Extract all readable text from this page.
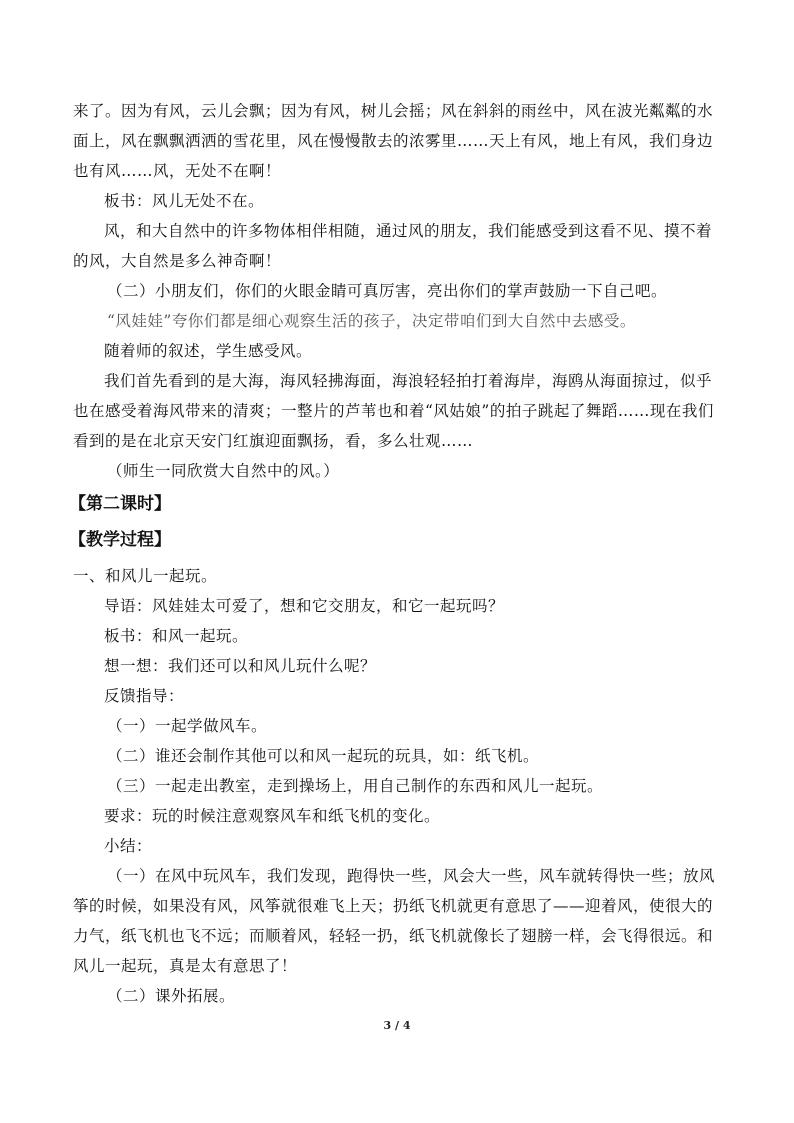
来了。因为有风，云儿会飘；因为有风，树儿会摇；风在斜斜的雨丝中，风在波光粼粼的水面上，风在飘飘洒洒的雪花里，风在慢慢散去的浓雾里……天上有风，地上有风，我们身边也有风……风，无处不在啊！

板书：风儿无处不在。

风，和大自然中的许多物体相伴相随，通过风的朋友，我们能感受到这看不见、摸不着的风，大自然是多么神奇啊！

（二）小朋友们，你们的火眼金睛可真厉害，亮出你们的掌声鼓励一下自己吧。

“风娃娃”夸你们都是细心观察生活的孩子，决定带咱们到大自然中去感受。

随着师的叙述，学生感受风。

我们首先看到的是大海，海风轻拂海面，海浪轻轻拍打着海岸，海鸥从海面掠过，似乎也在感受着海风带来的清爽；一整片的芦苇也和着“风姑娘”的拍子跳起了舞蹈……现在我们看到的是在北京天安门红旗迎面飘扬，看，多么壮观……

（师生一同欣赏大自然中的风。）

【第二课时】
【教学过程】

一、和风儿一起玩。

导语：风娃娃太可爱了，想和它交朋友，和它一起玩吗？

板书：和风一起玩。

想一想：我们还可以和风儿玩什么呢？

反馈指导：

（一）一起学做风车。

（二）谁还会制作其他可以和风一起玩的玩具，如：纸飞机。

（三）一起走出教室，走到操场上，用自己制作的东西和风儿一起玩。

要求：玩的时候注意观察风车和纸飞机的变化。

小结：

（一）在风中玩风车，我们发现，跑得快一些，风会大一些，风车就转得快一些；放风筝的时候，如果没有风，风筝就很难飞上天；扔纸飞机就更有意思了——迎着风，使很大的力气，纸飞机也飞不远；而顺着风，轻轻一扔，纸飞机就像长了翅膀一样，会飞得很远。和风儿一起玩，真是太有意思了！

（二）课外拓展。

3 / 4
